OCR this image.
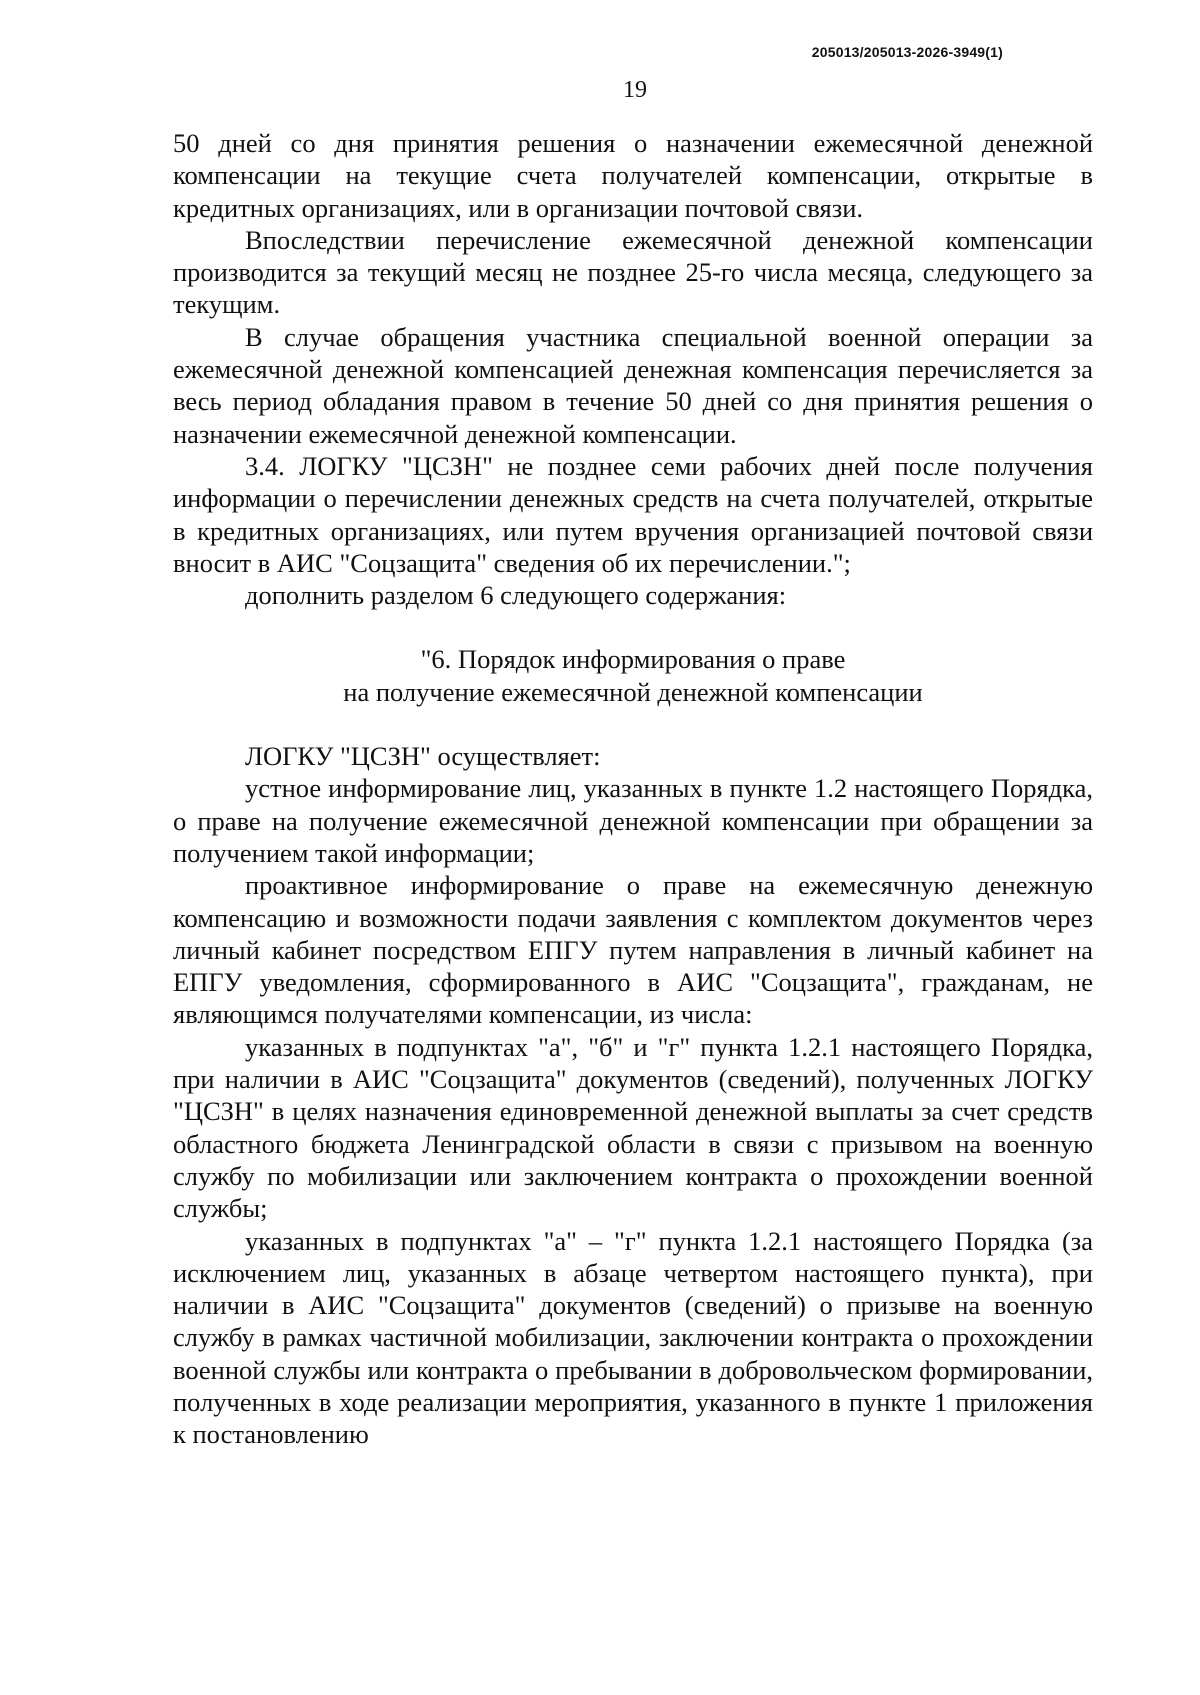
205013/205013-2026-3949(1)
19

50 дней со дня принятия решения о назначении ежемесячной денежной компенсации на текущие счета получателей компенсации, открытые в кредитных организациях, или в организации почтовой связи.

Впоследствии перечисление ежемесячной денежной компенсации производится за текущий месяц не позднее 25-го числа месяца, следующего за текущим.

В случае обращения участника специальной военной операции за ежемесячной денежной компенсацией денежная компенсация перечисляется за весь период обладания правом в течение 50 дней со дня принятия решения о назначении ежемесячной денежной компенсации.

3.4. ЛОГКУ "ЦСЗН" не позднее семи рабочих дней после получения информации о перечислении денежных средств на счета получателей, открытые в кредитных организациях, или путем вручения организацией почтовой связи вносит в АИС "Соцзащита" сведения об их перечислении.";

дополнить разделом 6 следующего содержания:

"6. Порядок информирования о праве
на получение ежемесячной денежной компенсации

ЛОГКУ "ЦСЗН" осуществляет:

устное информирование лиц, указанных в пункте 1.2 настоящего Порядка, о праве на получение ежемесячной денежной компенсации при обращении за получением такой информации;

проактивное информирование о праве на ежемесячную денежную компенсацию и возможности подачи заявления с комплектом документов через личный кабинет посредством ЕПГУ путем направления в личный кабинет на ЕПГУ уведомления, сформированного в АИС "Соцзащита", гражданам, не являющимся получателями компенсации, из числа:

указанных в подпунктах "а", "б" и "г" пункта 1.2.1 настоящего Порядка, при наличии в АИС "Соцзащита" документов (сведений), полученных ЛОГКУ "ЦСЗН" в целях назначения единовременной денежной выплаты за счет средств областного бюджета Ленинградской области в связи с призывом на военную службу по мобилизации или заключением контракта о прохождении военной службы;

указанных в подпунктах "а" – "г" пункта 1.2.1 настоящего Порядка (за исключением лиц, указанных в абзаце четвертом настоящего пункта), при наличии в АИС "Соцзащита" документов (сведений) о призыве на военную службу в рамках частичной мобилизации, заключении контракта о прохождении военной службы или контракта о пребывании в добровольческом формировании, полученных в ходе реализации мероприятия, указанного в пункте 1 приложения к постановлению
